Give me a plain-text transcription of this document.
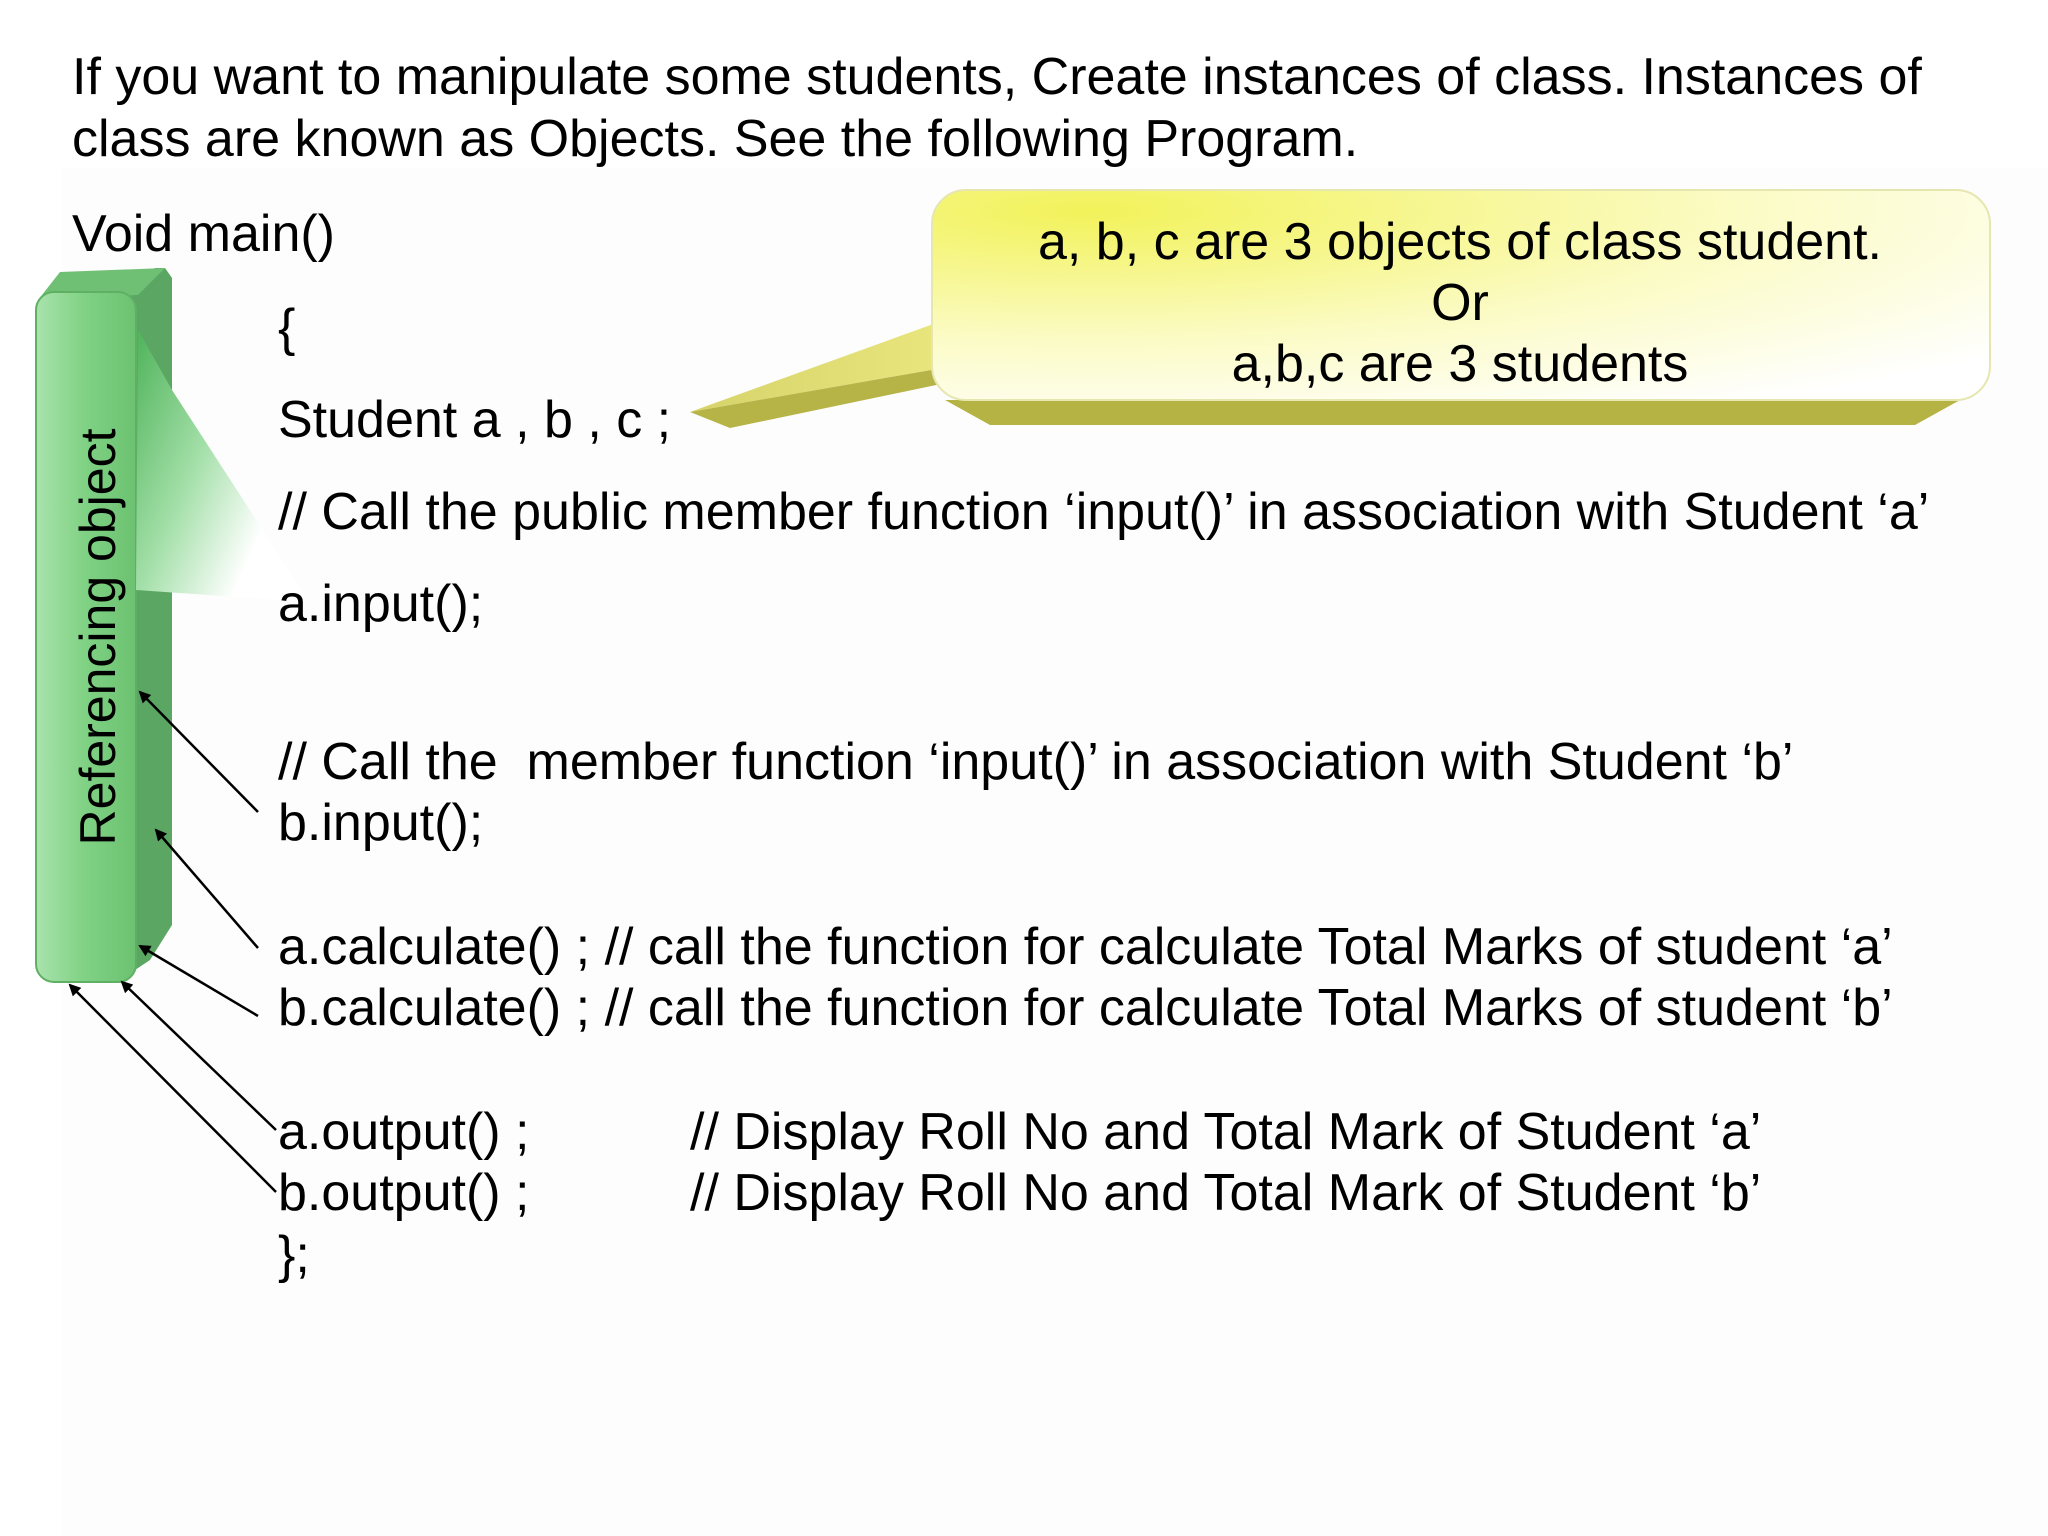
If you want to manipulate some students, Create instances of class. Instances of
class are known as Objects. See the following Program.
Void main()
{
Student a , b , c ;
// Call the public member function ‘input()’ in association with Student ‘a’
a.input();
// Call the  member function ‘input()’ in association with Student ‘b’
b.input();
a.calculate() ; // call the function for calculate Total Marks of student ‘a’
b.calculate() ; // call the function for calculate Total Marks of student ‘b’
a.output() ;	// Display Roll No and Total Mark of Student ‘a’
b.output() ;	// Display Roll No and Total Mark of Student ‘b’
};
a, b, c are 3 objects of class student.
Or
a,b,c are 3 students
Referencing object
